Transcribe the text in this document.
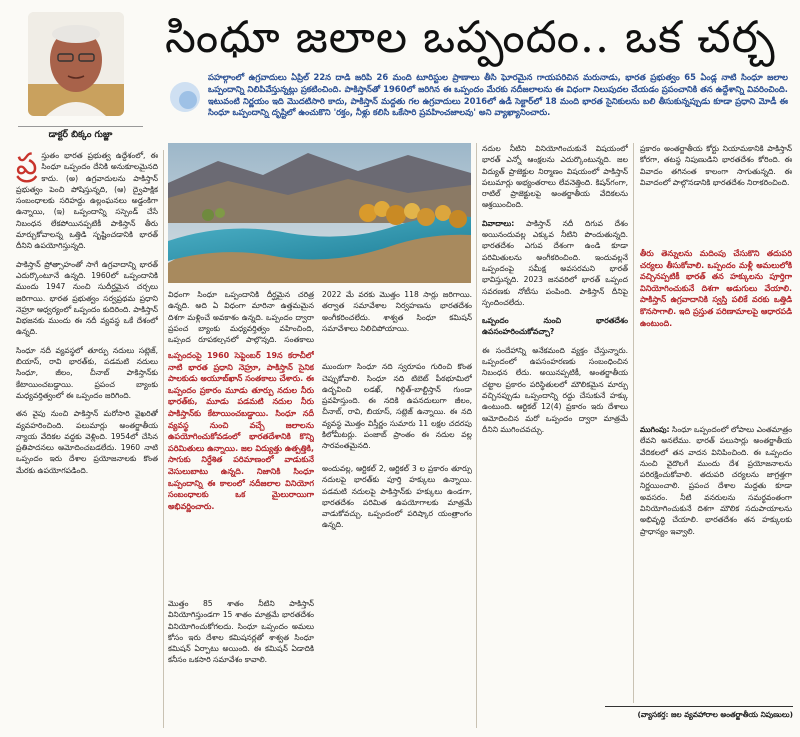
సింధూ జలాల ఒప్పందం.. ఒక చర్చ
డాక్టర్ బిక్కం గుజ్జా
పహల్గాంలో ఉగ్రవాదులు ఏప్రిల్ 22న దాడి జరిపి 26 మంది టూరిస్టుల ప్రాణాలు తీసి ఘోరమైన గాయపరిచిన మరునాడు, భారత ప్రభుత్వం 65 ఏండ్ల నాటి సింధూ జలాల ఒప్పందాన్ని నిలిపివేస్తున్నట్లు ప్రకటించింది. పాకిస్తాన్‌తో 1960లో జరిగిన ఈ ఒప్పందం మేరకు నదీజలాలను ఈ విధంగా నిలుపుదల చేయడం ప్రపంచానికి తన ఉద్దేశాన్ని వివరించింది. ఇటువంటి నిర్ణయం ఇది మొదటిసారి కాదు, పాకిస్తాన్ మద్దతు గల ఉగ్రవాదులు 2016లో ఉడీ సెక్టార్‌లో 18 మంది భారత సైనికులను బలి తీసుకున్నప్పుడు కూడా ప్రధాని మోడీ ఈ సింధూ ఒప్పందాన్ని దృష్టిలో ఉంచుకొని 'రక్తం, నీళ్లు కలిసి ఒకేసారి ప్రవహించజాలవు' అని వ్యాఖ్యానించారు.
ప్ర స్తుతం భారత ప్రభుత్వ ఉద్దేశంలో, ఈ సింధూ ఒప్పందం దేనికి అనుకూలమైనది కాదు. (అ) ఉగ్రవాదులను పాకిస్తాన్ ప్రభుత్వం పెంచి పోషిస్తున్నది, (ఆ) ద్వైపాక్షిక సంబంధాలకు సరిహద్దు ఉల్లంఘనలు అడ్డంకిగా ఉన్నాయి, (ఇ) ఒప్పందాన్ని సస్పెండ్ చేసే నిబంధన లేకపోయినప్పటికీ పాకిస్తాన్ తీరు మార్చుకోవాలన్న ఒత్తిడి సృష్టించడానికి భారత్ దీనిని ఉపయోగిస్తున్నది.

పాకిస్తాన్ ప్రోత్సాహంతో సాగే ఉగ్రవాదాన్ని భారత్ ఎదుర్కొంటూనే ఉన్నది. 1960లో ఒప్పందానికి ముందు 1947 నుంచి సుదీర్ఘమైన చర్చలు జరిగాయి. భారత ప్రభుత్వం సర్వప్రథమ ప్రధాని నెహ్రూ ఆధ్వర్యంలో ఒప్పందం కుదిరింది. పాకిస్తాన్ విభజనకు ముందు ఈ నదీ వ్యవస్థ ఒకే దేశంలో ఉన్నది.

సింధూ నదీ వ్యవస్థలో తూర్పు నదులు సట్లెజ్, బియాస్, రావి భారత్‌కు, పడమటి నదులు సింధూ, జీలం, చీనాబ్ పాకిస్తాన్‌కు కేటాయించబడ్డాయి. ప్రపంచ బ్యాంకు మధ్యవర్తిత్వంలో ఈ ఒప్పందం జరిగింది.

తన వైపు నుంచి పాకిస్తాన్ మరోసారి వైఖరితో వ్యవహరించింది. పలుమార్లు అంతర్జాతీయ న్యాయ వేదికల వద్దకు వెళ్లింది. 1954లో చేసిన ప్రతిపాదనలు ఆమోదించబడలేదు. 1960 నాటి ఒప్పందం ఇరు దేశాల ప్రయోజనాలకు కొంత మేరకు ఉపయోగపడింది.

విధంగా సింధూ ఒప్పందానికి దీర్ఘమైన చరిత్ర ఉన్నది. అది ఏ విధంగా మారినా ఉత్తమమైన దిశగా మళ్లించే అవకాశం ఉన్నది. ఒప్పందం ద్వారా ప్రపంచ బ్యాంకు మధ్యవర్తిత్వం వహించింది, ఒప్పంద రూపకల్పనలో పాల్గొన్నది. సంతకాలు

2022 మే వరకు మొత్తం 118 సార్లు జరిగాయి. తర్వాత సమావేశాల నిర్వహణను భారతదేశం అంగీకరించలేదు. శాశ్వత సింధూ కమిషన్ సమావేశాలు నిలిచిపోయాయి.

ఒప్పందంపై 1960 సెప్టెంబర్ 19న కరాచీలో నాటి భారత ప్రధాని నెహ్రూ, పాకిస్తాన్ సైనిక పాలకుడు అయూబ్‌ఖాన్ సంతకాలు చేశారు. ఈ ఒప్పందం ప్రకారం మూడు తూర్పు నదుల నీరు భారత్‌కు, మూడు పడమటి నదుల నీరు పాకిస్తాన్‌కు కేటాయించబడ్డాయి. సింధూ నదీ వ్యవస్థ నుంచి వచ్చే జలాలను ఉపయోగించుకోవడంలో భారతదేశానికి కొన్ని పరిమితులు ఉన్నాయి. జల విద్యుత్తు ఉత్పత్తికి, సాగుకు నిర్దేశిత పరిమాణంలో వాడుకునే వెసులుబాటు ఉన్నది. నిజానికి సింధూ ఒప్పందాన్ని ఈ కాలంలో నదీజలాల వినియోగ సంబంధాలకు ఒక మైలురాయిగా అభివర్ణించారు.

మొత్తం 85 శాతం నీటిని పాకిస్తాన్ వినియోగిస్తుండగా 15 శాతం మాత్రమే భారతదేశం వినియోగించుకోగలదు. సింధూ ఒప్పందం అమలు కోసం ఇరు దేశాల కమిషనర్లతో శాశ్వత సింధూ కమిషన్ ఏర్పాటు అయింది. ఈ కమిషన్ ఏడాదికి కనీసం ఒకసారి సమావేశం కావాలి.

ముందుగా సింధూ నది స్వరూపం గురించి కొంత చెప్పుకోవాలి. సింధూ నది టిబెట్ పీఠభూమిలో ఉద్భవించి లడఖ్, గిల్గిత్-బాల్టిస్తాన్ గుండా ప్రవహిస్తుంది. ఈ నదికి ఉపనదులుగా జీలం, చీనాబ్, రావి, బియాస్, సట్లెజ్ ఉన్నాయి. ఈ నది వ్యవస్థ మొత్తం విస్తీర్ణం సుమారు 11 లక్షల చదరపు కిలోమీటర్లు. పంజాబ్ ప్రాంతం ఈ నదుల వల్ల సారవంతమైనది.

అందువల్ల, ఆర్టికల్ 2, ఆర్టికల్ 3 ల ప్రకారం తూర్పు నదులపై భారత్‌కు పూర్తి హక్కులు ఉన్నాయి. పడమటి నదులపై పాకిస్తాన్‌కు హక్కులు ఉండగా, భారతదేశం పరిమిత ఉపయోగాలకు మాత్రమే వాడుకోవచ్చు. ఒప్పందంలో పరిష్కార యంత్రాంగం ఉన్నది.

నదుల నీటిని వినియోగించుకునే విషయంలో భారత్‌ ఎన్నో ఆంక్షలను ఎదుర్కొంటున్నది. జల విద్యుత్ ప్రాజెక్టుల నిర్మాణం విషయంలో పాకిస్తాన్ పలుమార్లు అభ్యంతరాలు లేవనెత్తింది. కిషన్‌గంగా, రాటిల్ ప్రాజెక్టులపై అంతర్జాతీయ వేదికలను ఆశ్రయించింది.

వివాదాలు: పాకిస్తాన్ నదీ దిగువ దేశం అయినందువల్ల ఎక్కువ నీటిని పొందుతున్నది. భారతదేశం ఎగువ దేశంగా ఉండి కూడా పరిమితులను అంగీకరించింది. ఇందువల్లనే ఒప్పందంపై సమీక్ష అవసరమని భారత్ భావిస్తున్నది. 2023 జనవరిలో భారత్ ఒప్పంద సవరణకు నోటీసు పంపింది. పాకిస్తాన్ దీనిపై స్పందించలేదు.

ఒప్పందం నుంచి భారతదేశం ఉపసంహరించుకోవచ్చా?

ఈ సందేహాన్ని అనేకమంది వ్యక్తం చేస్తున్నారు. ఒప్పందంలో ఉపసంహరణకు సంబంధించిన నిబంధన లేదు. అయినప్పటికీ, అంతర్జాతీయ చట్టాల ప్రకారం పరిస్థితులలో మౌలికమైన మార్పు వచ్చినప్పుడు ఒప్పందాన్ని రద్దు చేసుకునే హక్కు ఉంటుంది. ఆర్టికల్ 12(4) ప్రకారం ఇరు దేశాలు ఆమోదించిన మరో ఒప్పందం ద్వారా మాత్రమే దీనిని ముగించవచ్చు.

ప్రకారం అంతర్జాతీయ కోర్టు నియామకానికి పాకిస్తాన్ కోరగా, తటస్థ నిపుణుడిని భారతదేశం కోరింది. ఈ వివాదం తగినంత కాలంగా సాగుతున్నది. ఈ వివాదంలో పాల్గొనడానికి భారతదేశం నిరాకరించింది.

తీరు తెన్నులను మదింపు చేసుకొని తదుపరి చర్యలు తీసుకోవాలి. ఒప్పందం మళ్లీ అమలులోకి వచ్చినప్పటికీ భారత్ తన హక్కులను పూర్తిగా వినియోగించుకునే దిశగా అడుగులు వేయాలి. పాకిస్తాన్ ఉగ్రవాదానికి స్వస్తి పలికే వరకు ఒత్తిడి కొనసాగాలి. ఇది ప్రస్తుత పరిణామాలపై ఆధారపడి ఉంటుంది.

ముగింపు: సింధూ ఒప్పందంలో లోపాలు ఎంతమాత్రం లేవని అనలేము. భారత్ పలుసార్లు అంతర్జాతీయ వేదికలలో తన వాదన వినిపించింది. ఈ ఒప్పందం నుంచి వైదొలగే ముందు దేశ ప్రయోజనాలను పరిరక్షించుకోవాలి. తదుపరి చర్యలను జాగ్రత్తగా నిర్ణయించాలి. ప్రపంచ దేశాల మద్దతు కూడా అవసరం. నీటి వనరులను సమర్థవంతంగా వినియోగించుకునే దిశగా మౌలిక సదుపాయాలను అభివృద్ధి చేయాలి. భారతదేశం తన హక్కులకు ప్రాధాన్యం ఇవ్వాలి.

(వ్యాసకర్త: జల వ్యవహారాల అంతర్జాతీయ నిపుణులు)
